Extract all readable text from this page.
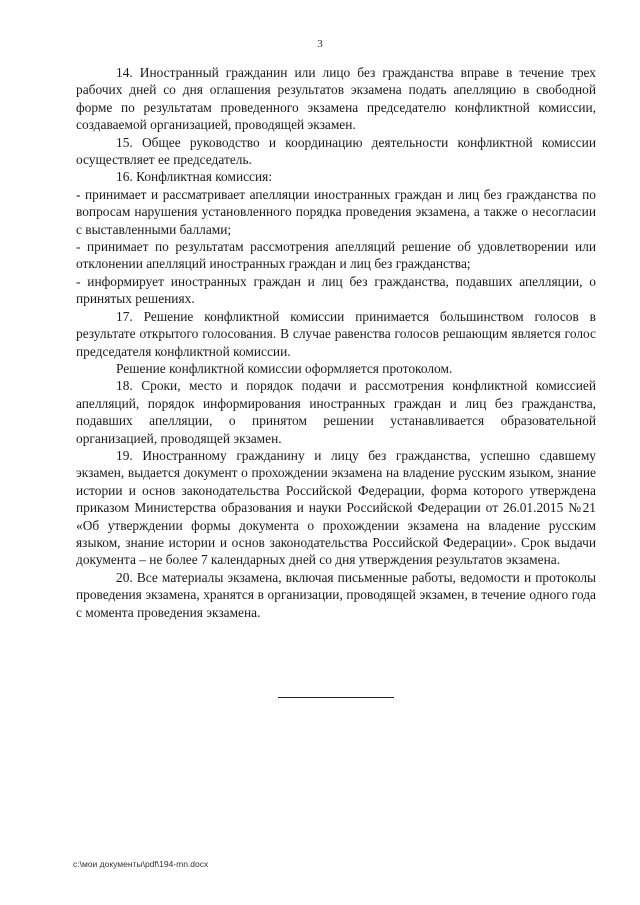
3

14. Иностранный гражданин или лицо без гражданства вправе в течение трех рабочих дней со дня оглашения результатов экзамена подать апелляцию в свободной форме по результатам проведенного экзамена председателю конфликтной комиссии, создаваемой организацией, проводящей экзамен.

15. Общее руководство и координацию деятельности конфликтной комиссии осуществляет ее председатель.

16. Конфликтная комиссия:

- принимает и рассматривает апелляции иностранных граждан и лиц без гражданства по вопросам нарушения установленного порядка проведения экзамена, а также о несогласии с выставленными баллами;

- принимает по результатам рассмотрения апелляций решение об удовлетворении или отклонении апелляций иностранных граждан и лиц без гражданства;

- информирует иностранных граждан и лиц без гражданства, подавших апелляции, о принятых решениях.

17. Решение конфликтной комиссии принимается большинством голосов в результате открытого голосования. В случае равенства голосов решающим является голос председателя конфликтной комиссии.

Решение конфликтной комиссии оформляется протоколом.

18. Сроки, место и порядок подачи и рассмотрения конфликтной комиссией апелляций, порядок информирования иностранных граждан и лиц без гражданства, подавших апелляции, о принятом решении устанавливается образовательной организацией, проводящей экзамен.

19. Иностранному гражданину и лицу без гражданства, успешно сдавшему экзамен, выдается документ о прохождении экзамена на владение русским языком, знание истории и основ законодательства Российской Федерации, форма которого утверждена приказом Министерства образования и науки Российской Федерации от 26.01.2015 №21 «Об утверждении формы документа о прохождении экзамена на владение русским языком, знание истории и основ законодательства Российской Федерации». Срок выдачи документа – не более 7 календарных дней со дня утверждения результатов экзамена.

20. Все материалы экзамена, включая письменные работы, ведомости и протоколы проведения экзамена, хранятся в организации, проводящей экзамен, в течение одного года с момента проведения экзамена.

c:\мои документы\pdf\194-mn.docx
